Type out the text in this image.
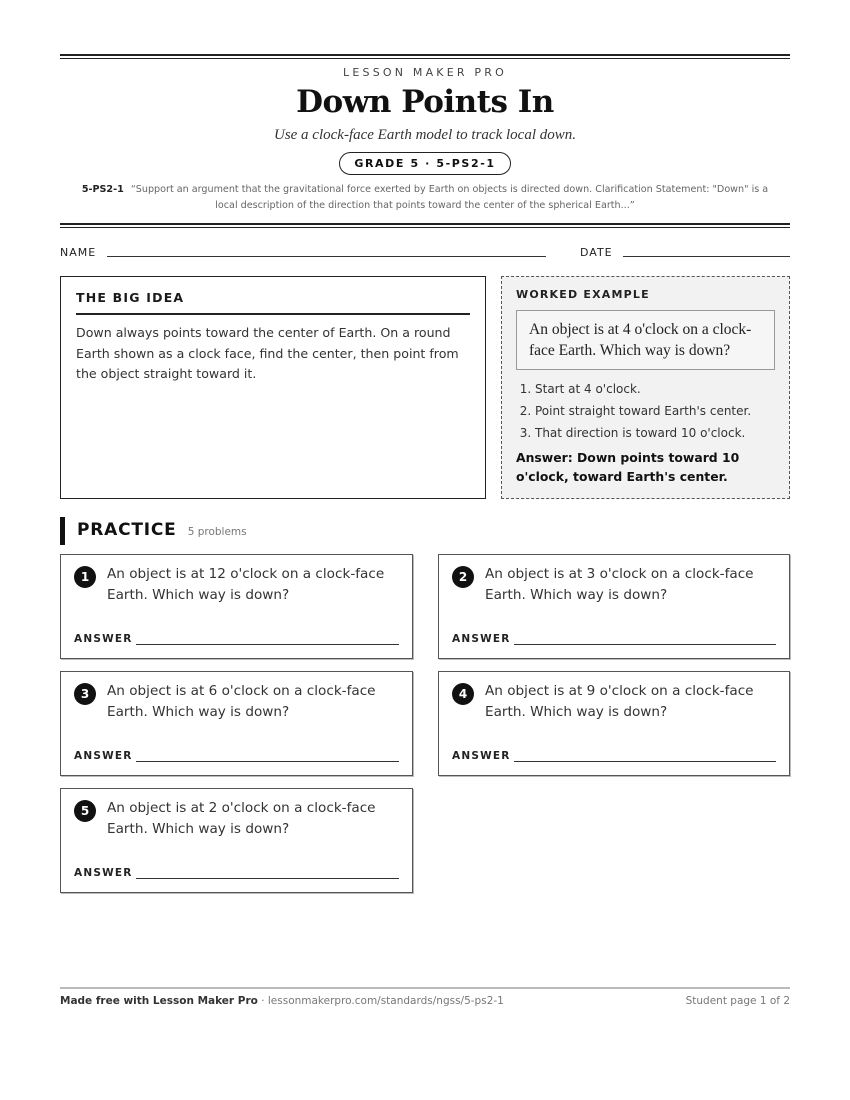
LESSON MAKER PRO
Down Points In
Use a clock-face Earth model to track local down.
GRADE 5 · 5-PS2-1
5-PS2-1 “Support an argument that the gravitational force exerted by Earth on objects is directed down. Clarification Statement: "Down" is a local description of the direction that points toward the center of the spherical Earth...”
NAME	DATE
THE BIG IDEA

Down always points toward the center of Earth. On a round Earth shown as a clock face, find the center, then point from the object straight toward it.

WORKED EXAMPLE
An object is at 4 o'clock on a clock-face Earth. Which way is down?
1. Start at 4 o'clock.
2. Point straight toward Earth's center.
3. That direction is toward 10 o'clock.
Answer: Down points toward 10 o'clock, toward Earth's center.
PRACTICE 5 problems
1	An object is at 12 o'clock on a clock-face Earth. Which way is down?
ANSWER
2	An object is at 3 o'clock on a clock-face Earth. Which way is down?
ANSWER
3	An object is at 6 o'clock on a clock-face Earth. Which way is down?
ANSWER
4	An object is at 9 o'clock on a clock-face Earth. Which way is down?
ANSWER
5	An object is at 2 o'clock on a clock-face Earth. Which way is down?
ANSWER
Made free with Lesson Maker Pro · lessonmakerpro.com/standards/ngss/5-ps2-1	Student page 1 of 2
